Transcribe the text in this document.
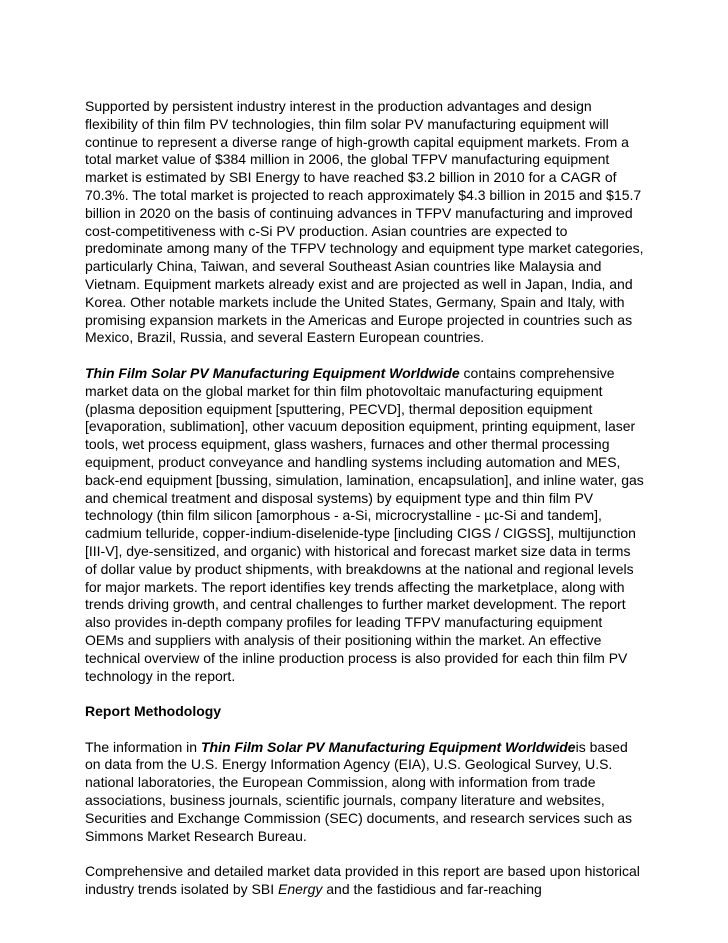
Supported by persistent industry interest in the production advantages and design flexibility of thin film PV technologies, thin film solar PV manufacturing equipment will continue to represent a diverse range of high-growth capital equipment markets. From a total market value of $384 million in 2006, the global TFPV manufacturing equipment market is estimated by SBI Energy to have reached $3.2 billion in 2010 for a CAGR of 70.3%. The total market is projected to reach approximately $4.3 billion in 2015 and $15.7 billion in 2020 on the basis of continuing advances in TFPV manufacturing and improved cost-competitiveness with c-Si PV production. Asian countries are expected to predominate among many of the TFPV technology and equipment type market categories, particularly China, Taiwan, and several Southeast Asian countries like Malaysia and Vietnam. Equipment markets already exist and are projected as well in Japan, India, and Korea. Other notable markets include the United States, Germany, Spain and Italy, with promising expansion markets in the Americas and Europe projected in countries such as Mexico, Brazil, Russia, and several Eastern European countries.

Thin Film Solar PV Manufacturing Equipment Worldwide contains comprehensive market data on the global market for thin film photovoltaic manufacturing equipment (plasma deposition equipment [sputtering, PECVD], thermal deposition equipment [evaporation, sublimation], other vacuum deposition equipment, printing equipment, laser tools, wet process equipment, glass washers, furnaces and other thermal processing equipment, product conveyance and handling systems including automation and MES, back-end equipment [bussing, simulation, lamination, encapsulation], and inline water, gas and chemical treatment and disposal systems) by equipment type and thin film PV technology (thin film silicon [amorphous - a-Si, microcrystalline - µc-Si and tandem], cadmium telluride, copper-indium-diselenide-type [including CIGS / CIGSS], multijunction [III-V], dye-sensitized, and organic) with historical and forecast market size data in terms of dollar value by product shipments, with breakdowns at the national and regional levels for major markets. The report identifies key trends affecting the marketplace, along with trends driving growth, and central challenges to further market development. The report also provides in-depth company profiles for leading TFPV manufacturing equipment OEMs and suppliers with analysis of their positioning within the market. An effective technical overview of the inline production process is also provided for each thin film PV technology in the report.

Report Methodology

The information in Thin Film Solar PV Manufacturing Equipment Worldwideis based on data from the U.S. Energy Information Agency (EIA), U.S. Geological Survey, U.S. national laboratories, the European Commission, along with information from trade associations, business journals, scientific journals, company literature and websites, Securities and Exchange Commission (SEC) documents, and research services such as Simmons Market Research Bureau.

Comprehensive and detailed market data provided in this report are based upon historical industry trends isolated by SBI Energy and the fastidious and far-reaching
